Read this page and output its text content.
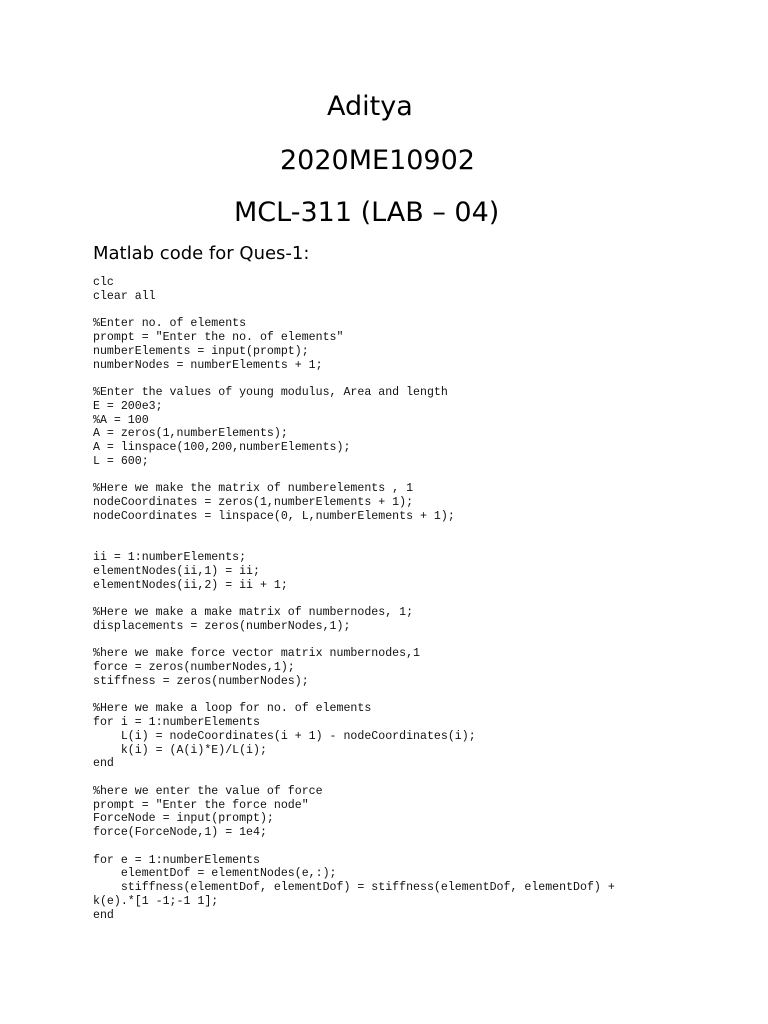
Aditya
2020ME10902
MCL-311 (LAB – 04)
Matlab code for Ques-1:
clc
clear all
%Enter no. of elements
prompt = "Enter the no. of elements"
numberElements = input(prompt);
numberNodes = numberElements + 1;
%Enter the values of young modulus, Area and length
E = 200e3;
%A = 100
A = zeros(1,numberElements);
A = linspace(100,200,numberElements);
L = 600;
%Here we make the matrix of numberelements , 1
nodeCoordinates = zeros(1,numberElements + 1);
nodeCoordinates = linspace(0, L,numberElements + 1);
ii = 1:numberElements;
elementNodes(ii,1) = ii;
elementNodes(ii,2) = ii + 1;
%Here we make a make matrix of numbernodes, 1;
displacements = zeros(numberNodes,1);
%here we make force vector matrix numbernodes,1
force = zeros(numberNodes,1);
stiffness = zeros(numberNodes);
%Here we make a loop for no. of elements
for i = 1:numberElements
L(i) = nodeCoordinates(i + 1) - nodeCoordinates(i);
k(i) = (A(i)*E)/L(i);
end
%here we enter the value of force
prompt = "Enter the force node"
ForceNode = input(prompt);
force(ForceNode,1) = 1e4;
for e = 1:numberElements
elementDof = elementNodes(e,:);
stiffness(elementDof, elementDof) = stiffness(elementDof, elementDof) +
k(e).*[1 -1;-1 1];
end
